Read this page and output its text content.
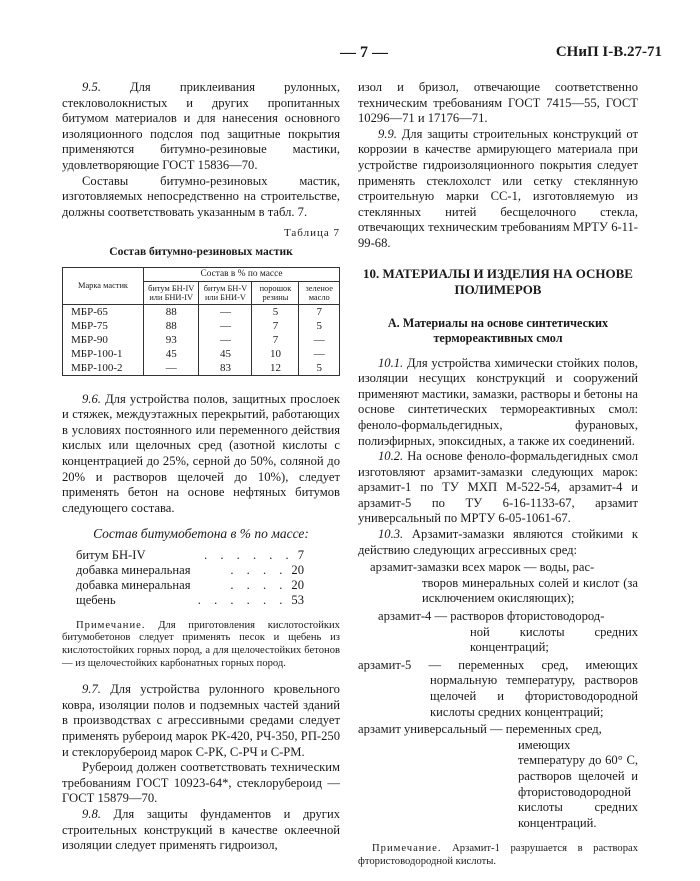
— 7 —	СНиП I-В.27-71

9.5. Для приклеивания рулонных, стекловолокнистых и других пропитанных битумом материалов и для нанесения основного изоляционного подслоя под защитные покрытия применяются битумно-резиновые мастики, удовлетворяющие ГОСТ 15836—70.

Составы битумно-резиновых мастик, изготовляемых непосредственно на строительстве, должны соответствовать указанным в табл. 7.

Таблица 7

Состав битумно-резиновых мастик

Марка мастик	Состав в % по массе			
	битум БН-IV или БНИ-IV	битум БН-V или БНИ-V	порошок резины	зеленое масло
МБР-65	88	—	5	7
МБР-75	88	—	7	5
МБР-90	93	—	7	—
МБР-100-1	45	45	10	—
МБР-100-2	—	83	12	5

9.6. Для устройства полов, защитных прослоек и стяжек, междуэтажных перекрытий, работающих в условиях постоянного или переменного действия кислых или щелочных сред (азотной кислоты с концентрацией до 25%, серной до 50%, соляной до 20% и растворов щелочей до 10%), следует применять бетон на основе нефтяных битумов следующего состава.

Состав битумобетона в % по массе:

битум БН-IV	. . . . . . 7
добавка минеральная	. . . . 20
добавка минеральная	. . . . 20
щебень	. . . . . . 53

Примечание. Для приготовления кислотостойких битумобетонов следует применять песок и щебень из кислотостойких горных пород, а для щелочестойких бетонов — из щелочестойких карбонатных горных пород.

9.7. Для устройства рулонного кровельного ковра, изоляции полов и подземных частей зданий в производствах с агрессивными средами следует применять рубероид марок РК-420, РЧ-350, РП-250 и стеклорубероид марок С-РК, С-РЧ и С-РМ.

Рубероид должен соответствовать техническим требованиям ГОСТ 10923-64*, стеклорубероид — ГОСТ 15879—70.

9.8. Для защиты фундаментов и других строительных конструкций в качестве оклеечной изоляции следует применять гидроизол,

изол и бризол, отвечающие соответственно техническим требованиям ГОСТ 7415—55, ГОСТ 10296—71 и 17176—71.

9.9. Для защиты строительных конструкций от коррозии в качестве армирующего материала при устройстве гидроизоляционного покрытия следует применять стеклохолст или сетку стеклянную строительную марки СС-1, изготовляемую из стеклянных нитей бесщелочного стекла, отвечающих техническим требованиям МРТУ 6-11-99-68.

10. МАТЕРИАЛЫ И ИЗДЕЛИЯ НА ОСНОВЕ ПОЛИМЕРОВ

А. Материалы на основе синтетических термореактивных смол

10.1. Для устройства химически стойких полов, изоляции несущих конструкций и сооружений применяют мастики, замазки, растворы и бетоны на основе синтетических термореактивных смол: феноло-формальдегидных, фурановых, полиэфирных, эпоксидных, а также их соединений.

10.2. На основе феноло-формальдегидных смол изготовляют арзамит-замазки следующих марок: арзамит-1 по ТУ МХП М-522-54, арзамит-4 и арзамит-5 по ТУ 6-16-1133-67, арзамит универсальный по МРТУ 6-05-1061-67.

10.3. Арзамит-замазки являются стойкими к действию следующих агрессивных сред:

арзамит-замазки всех марок — воды, рас-
творов минеральных солей и кислот (за исключением окисляющих);
арзамит-4 — растворов фтористоводород-
ной кислоты средних концентраций;
арзамит-5 — переменных сред, имеющих нормальную температуру, растворов щелочей и фтористоводородной кислоты средних концентраций;
арзамит универсальный — переменных сред,
имеющих температуру до 60° С, растворов щелочей и фтористоводородной кислоты средних концентраций.

Примечание. Арзамит-1 разрушается в растворах фтористоводородной кислоты.
